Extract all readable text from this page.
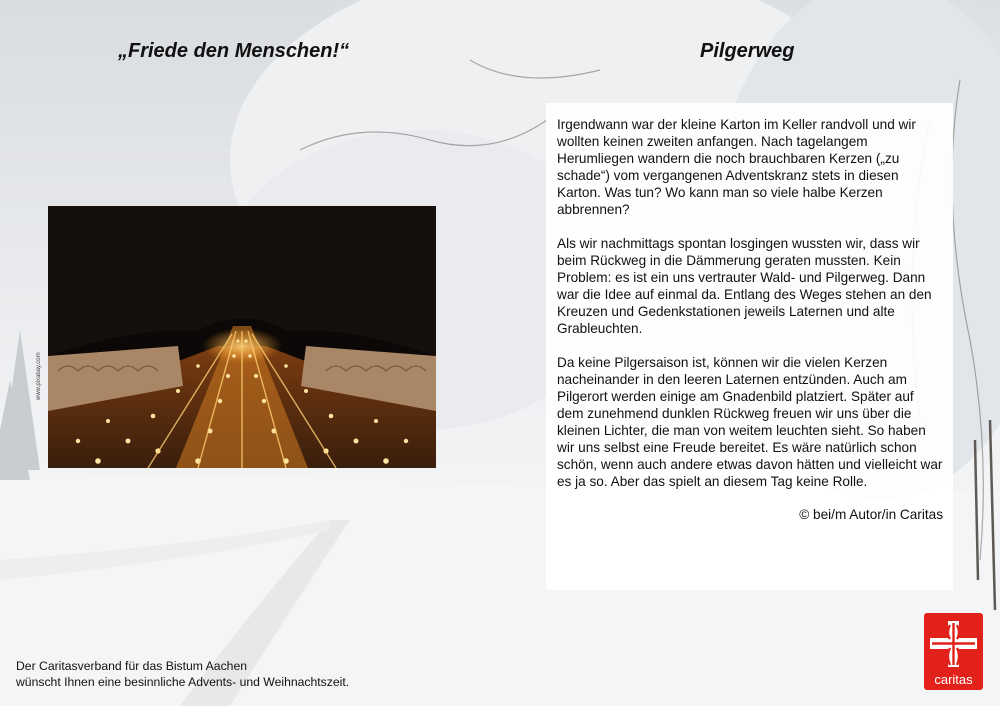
„Friede den Menschen!“	Pilgerweg
www.pixabay.com

Irgendwann war der kleine Karton im Keller randvoll und wir wollten keinen zweiten anfangen. Nach tagelangem Herumliegen wandern die noch brauchbaren Kerzen („zu schade“) vom vergangenen Adventskranz stets in diesen Karton. Was tun? Wo kann man so viele halbe Kerzen abbrennen?

Als wir nachmittags spontan losgingen wussten wir, dass wir beim Rückweg in die Dämmerung geraten mussten. Kein Problem: es ist ein uns vertrauter Wald- und Pilgerweg. Dann war die Idee auf einmal da. Entlang des Weges stehen an den Kreuzen und Gedenkstationen jeweils Laternen und alte Grableuchten.

Da keine Pilgersaison ist, können wir die vielen Kerzen nacheinander in den leeren Laternen entzünden. Auch am Pilgerort werden einige am Gnadenbild platziert. Später auf dem zunehmend dunklen Rückweg freuen wir uns über die kleinen Lichter, die man von weitem leuchten sieht. So haben wir uns selbst eine Freude bereitet. Es wäre natürlich schon schön, wenn auch andere etwas davon hätten und vielleicht war es ja so. Aber das spielt an diesem Tag keine Rolle.

© bei/m Autor/in Caritas
Der Caritasverband für das Bistum Aachen
wünscht Ihnen eine besinnliche Advents- und Weihnachtszeit.	caritas
